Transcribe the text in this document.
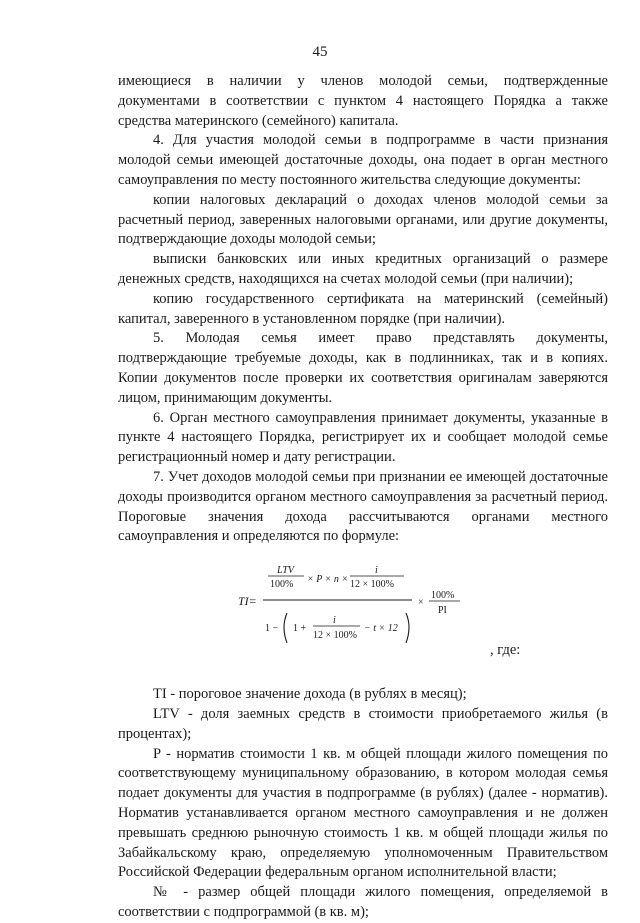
45

имеющиеся в наличии у членов молодой семьи, подтвержденные документами в соответствии с пунктом 4 настоящего Порядка а также средства материнского (семейного) капитала.

4. Для участия молодой семьи в подпрограмме в части признания молодой семьи имеющей достаточные доходы, она подает в орган местного самоуправления по месту постоянного жительства следующие документы:

копии налоговых деклараций о доходах членов молодой семьи за расчетный период, заверенных налоговыми органами, или другие документы, подтверждающие доходы молодой семьи;

выписки банковских или иных кредитных организаций о размере денежных средств, находящихся на счетах молодой семьи (при наличии);

копию государственного сертификата на материнский (семейный) капитал, заверенного в установленном порядке (при наличии).

5. Молодая семья имеет право представлять документы, подтверждающие требуемые доходы, как в подлинниках, так и в копиях. Копии документов после проверки их соответствия оригиналам заверяются лицом, принимающим документы.

6. Орган местного самоуправления принимает документы, указанные в пункте 4 настоящего Порядка, регистрирует их и сообщает молодой семье регистрационный номер и дату регистрации.

7. Учет доходов молодой семьи при признании ее имеющей достаточные доходы производится органом местного самоуправления за расчетный период. Пороговые значения дохода рассчитываются органами местного самоуправления и определяются по формуле:

TI=
LTV
100% × P × n ×
i
12 × 100%
1 − 1 +
i
12 × 100%
− t × 12
×
100%
PI
, где:

TI - пороговое значение дохода (в рублях в месяц);

LTV - доля заемных средств в стоимости приобретаемого жилья (в процентах);

P - норматив стоимости 1 кв. м общей площади жилого помещения по соответствующему муниципальному образованию, в котором молодая семья подает документы для участия в подпрограмме (в рублях) (далее - норматив). Норматив устанавливается органом местного самоуправления и не должен превышать среднюю рыночную стоимость 1 кв. м общей площади жилья по Забайкальскому краю, определяемую уполномоченным Правительством Российской Федерации федеральным органом исполнительной власти;

№ - размер общей площади жилого помещения, определяемой в соответствии с подпрограммой (в кв. м);
